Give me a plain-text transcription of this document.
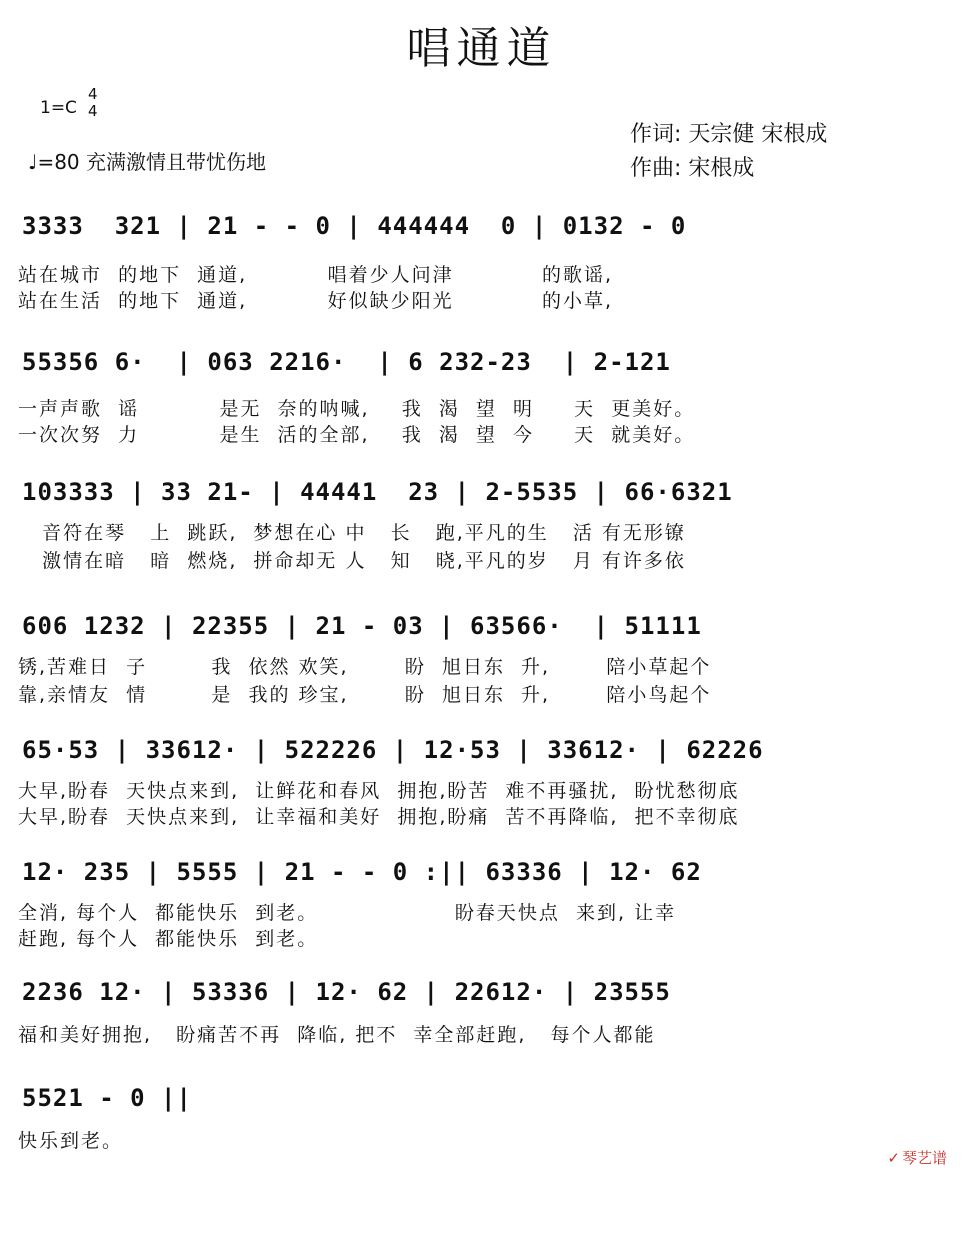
唱通道
1=C
4
4
♩=80 充满激情且带忧伤地
作词: 天宗健 宋根成
作曲: 宋根成
3333  321 | 21 - - 0 | 444444  0 | 0132 - 0
站在城市  的地下  通道,          唱着少人问津           的歌谣,
站在生活  的地下  通道,          好似缺少阳光           的小草,
55356 6·  | 063 2216·  | 6 232-23  | 2-121
一声声歌  谣          是无  奈的呐喊,    我  渴  望  明     天  更美好。
一次次努  力          是生  活的全部,    我  渴  望  今     天  就美好。
103333 | 33 21- | 44441  23 | 2-5535 | 66·6321
音符在琴   上  跳跃,  梦想在心 中   长   跑,平凡的生   活 有无形镣
激情在暗   暗  燃烧,  拼命却无 人   知   晓,平凡的岁   月 有许多依
606 1232 | 22355 | 21 - 03 | 63566·  | 51111
锈,苦难日  子        我  依然 欢笑,       盼  旭日东  升,       陪小草起个
靠,亲情友  情        是  我的 珍宝,       盼  旭日东  升,       陪小鸟起个
65·53 | 33612· | 522226 | 12·53 | 33612· | 62226
大早,盼春  天快点来到,  让鲜花和春风  拥抱,盼苦  难不再骚扰,  盼忧愁彻底
大早,盼春  天快点来到,  让幸福和美好  拥抱,盼痛  苦不再降临,  把不幸彻底
12· 235 | 5555 | 21 - - 0 :|| 63336 | 12· 62
全消, 每个人  都能快乐  到老。                 盼春天快点  来到, 让幸
赶跑, 每个人  都能快乐  到老。
2236 12· | 53336 | 12· 62 | 22612· | 23555
福和美好拥抱,   盼痛苦不再  降临, 把不  幸全部赶跑,   每个人都能
5521 - 0 ||
快乐到老。
✓ 琴艺谱
